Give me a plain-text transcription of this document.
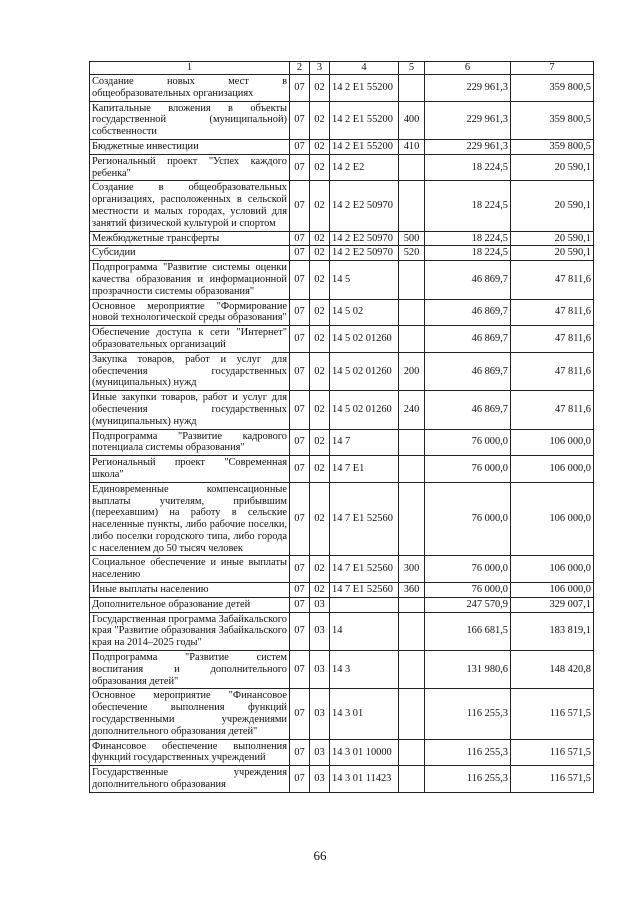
1	2	3	4	5	6	7
Создание новых мест в общеобразовательных организациях	07	02	14 2 E1 55200		229 961,3	359 800,5
Капитальные вложения в объекты государственной (муниципальной) собственности	07	02	14 2 E1 55200	400	229 961,3	359 800,5
Бюджетные инвестиции	07	02	14 2 E1 55200	410	229 961,3	359 800,5
Региональный проект "Успех каждого ребенка"	07	02	14 2 E2		18 224,5	20 590,1
Создание в общеобразовательных организациях, расположенных в сельской местности и малых городах, условий для занятий физической культурой и спортом	07	02	14 2 E2 50970		18 224,5	20 590,1
Межбюджетные трансферты	07	02	14 2 E2 50970	500	18 224,5	20 590,1
Субсидии	07	02	14 2 E2 50970	520	18 224,5	20 590,1
Подпрограмма "Развитие системы оценки качества образования и информационной прозрачности системы образования"	07	02	14 5		46 869,7	47 811,6
Основное мероприятие "Формирование новой технологической среды образования"	07	02	14 5 02		46 869,7	47 811,6
Обеспечение доступа к сети "Интернет" образовательных организаций	07	02	14 5 02 01260		46 869,7	47 811,6
Закупка товаров, работ и услуг для обеспечения государственных (муниципальных) нужд	07	02	14 5 02 01260	200	46 869,7	47 811,6
Иные закупки товаров, работ и услуг для обеспечения государственных (муниципальных) нужд	07	02	14 5 02 01260	240	46 869,7	47 811,6
Подпрограмма "Развитие кадрового потенциала системы образования"	07	02	14 7		76 000,0	106 000,0
Региональный проект "Современная школа"	07	02	14 7 E1		76 000,0	106 000,0
Единовременные компенсационные выплаты учителям, прибывшим (переехавшим) на работу в сельские населенные пункты, либо рабочие поселки, либо поселки городского типа, либо города с населением до 50 тысяч человек	07	02	14 7 E1 52560		76 000,0	106 000,0
Социальное обеспечение и иные выплаты населению	07	02	14 7 E1 52560	300	76 000,0	106 000,0
Иные выплаты населению	07	02	14 7 E1 52560	360	76 000,0	106 000,0
Дополнительное образование детей	07	03			247 570,9	329 007,1
Государственная программа Забайкальского края "Развитие образования Забайкальского края на 2014–2025 годы"	07	03	14		166 681,5	183 819,1
Подпрограмма "Развитие систем воспитания и дополнительного образования детей"	07	03	14 3		131 980,6	148 420,8
Основное мероприятие "Финансовое обеспечение выполнения функций государственными учреждениями дополнительного образования детей"	07	03	14 3 01		116 255,3	116 571,5
Финансовое обеспечение выполнения функций государственных учреждений	07	03	14 3 01 10000		116 255,3	116 571,5
Государственные учреждения дополнительного образования	07	03	14 3 01 11423		116 255,3	116 571,5
66
